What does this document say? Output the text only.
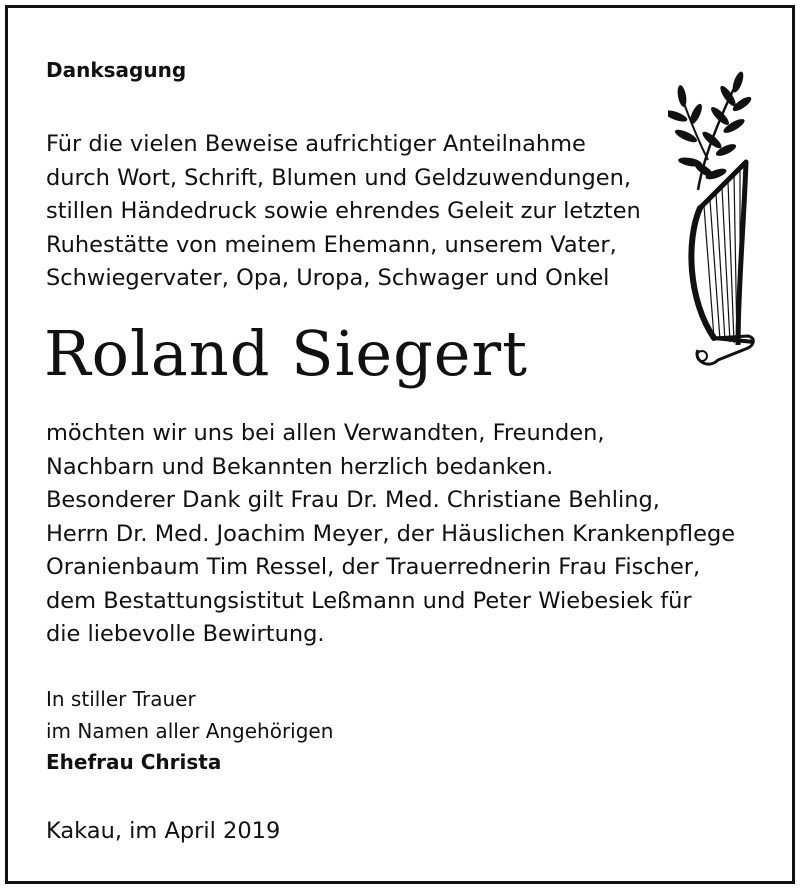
Danksagung
Für die vielen Beweise aufrichtiger Anteilnahme
durch Wort, Schrift, Blumen und Geldzuwendungen,
stillen Händedruck sowie ehrendes Geleit zur letzten
Ruhestätte von meinem Ehemann, unserem Vater,
Schwiegervater, Opa, Uropa, Schwager und Onkel
Roland Siegert
möchten wir uns bei allen Verwandten, Freunden,
Nachbarn und Bekannten herzlich bedanken.
Besonderer Dank gilt Frau Dr. Med. Christiane Behling,
Herrn Dr. Med. Joachim Meyer, der Häuslichen Krankenpflege
Oranienbaum Tim Ressel, der Trauerrednerin Frau Fischer,
dem Bestattungsistitut Leßmann und Peter Wiebesiek für
die liebevolle Bewirtung.
In stiller Trauer
im Namen aller Angehörigen
Ehefrau Christa
Kakau, im April 2019
